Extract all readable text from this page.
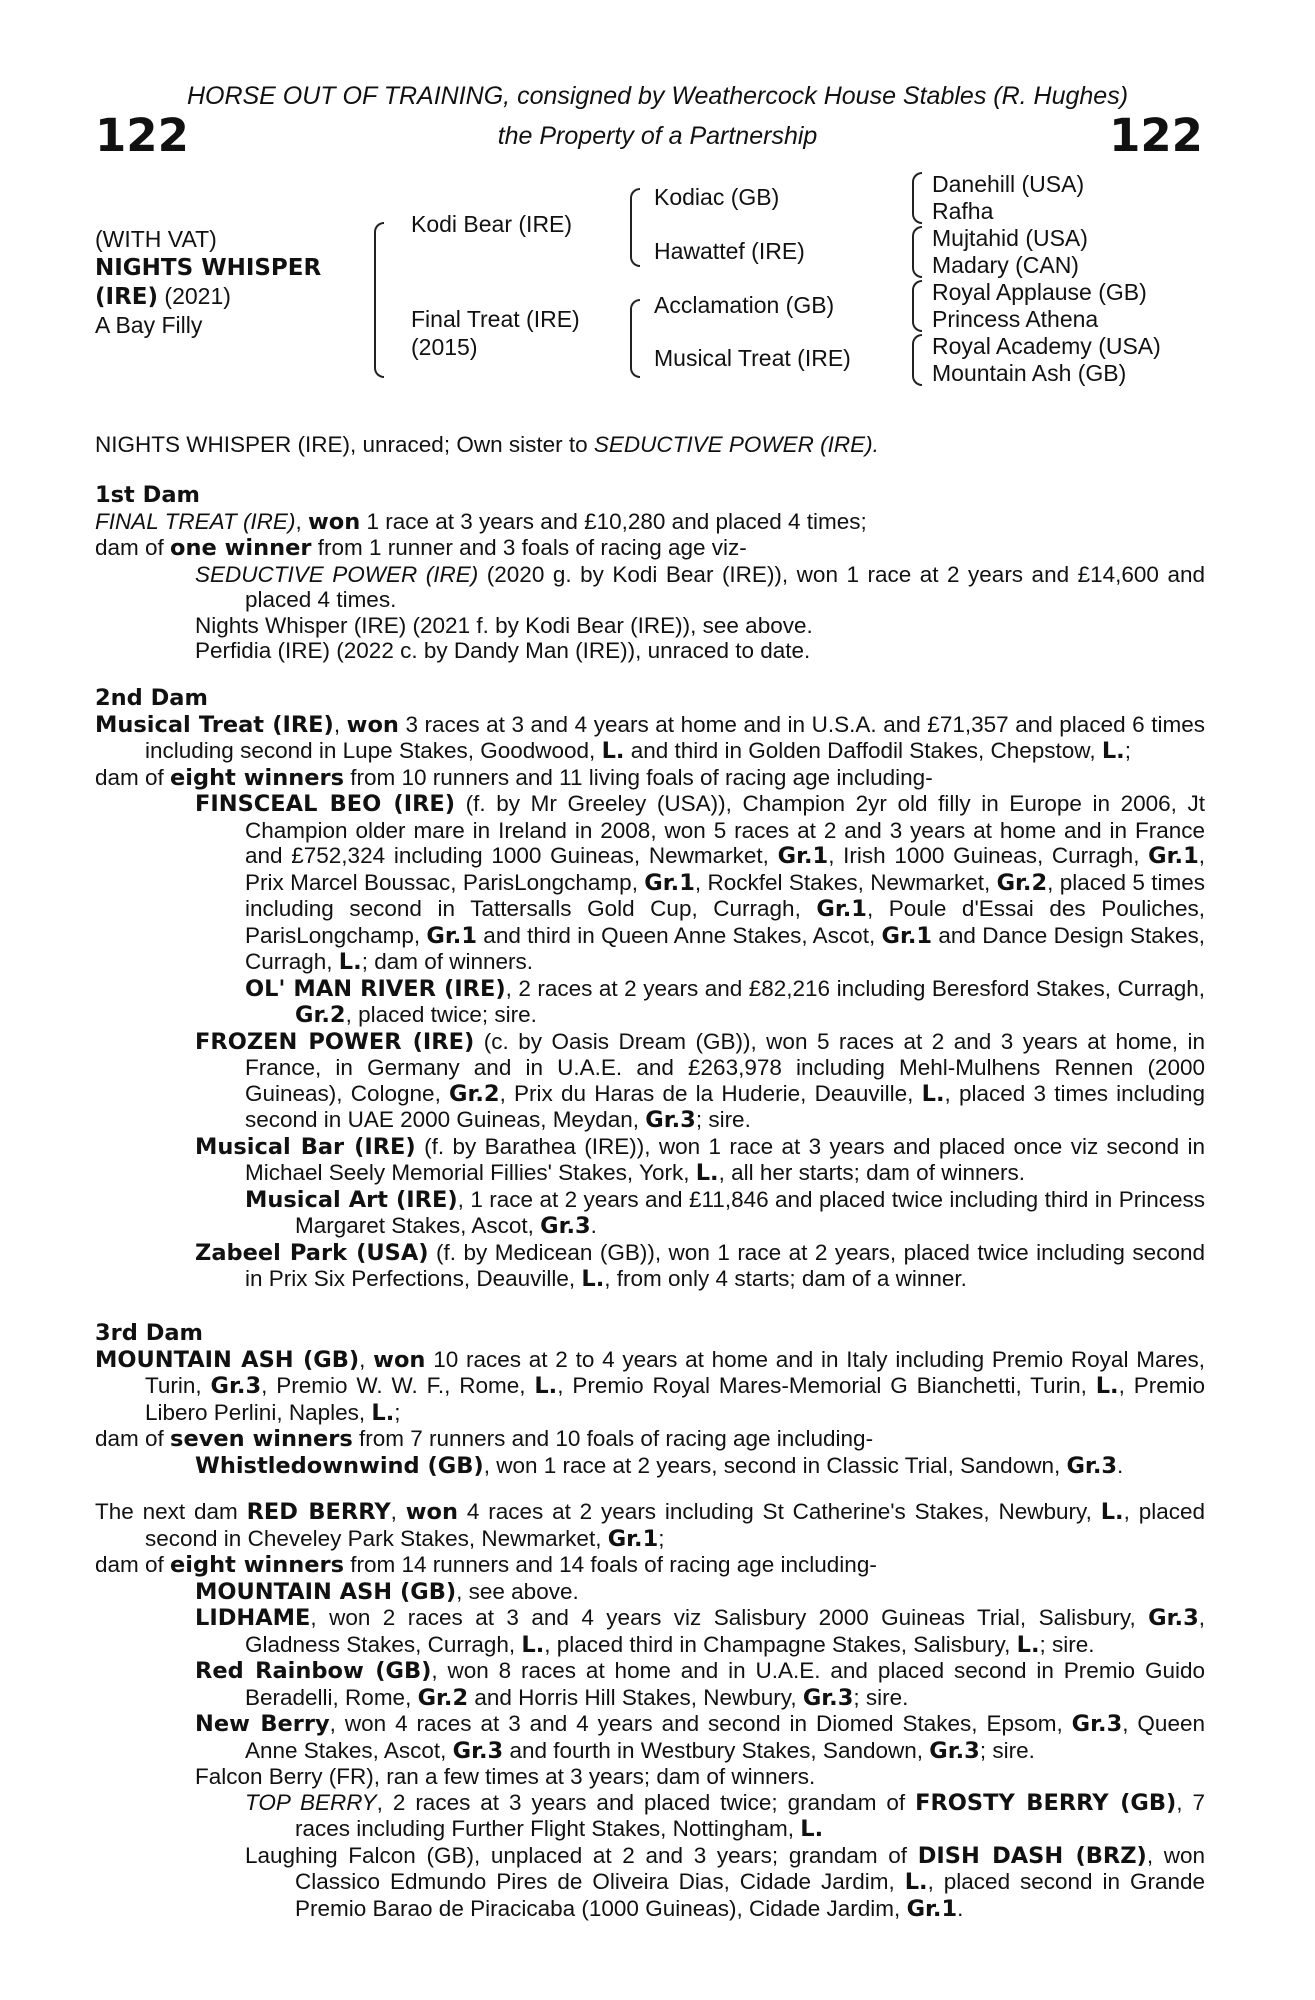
HORSE OUT OF TRAINING, consigned by Weathercock House Stables (R. Hughes)
the Property of a Partnership
122	122
(WITH VAT)
NIGHTS WHISPER
(IRE) (2021)
A Bay Filly
Kodi Bear (IRE)
Final Treat (IRE)
(2015)
Kodiac (GB)
Hawattef (IRE)
Acclamation (GB)
Musical Treat (IRE)
Danehill (USA)
Rafha
Mujtahid (USA)
Madary (CAN)
Royal Applause (GB)
Princess Athena
Royal Academy (USA)
Mountain Ash (GB)

NIGHTS WHISPER (IRE), unraced; Own sister to SEDUCTIVE POWER (IRE).

1st Dam

FINAL TREAT (IRE), won 1 race at 3 years and £10,280 and placed 4 times;

dam of one winner from 1 runner and 3 foals of racing age viz-

SEDUCTIVE POWER (IRE) (2020 g. by Kodi Bear (IRE)), won 1 race at 2 years and £14,600 and placed 4 times.

Nights Whisper (IRE) (2021 f. by Kodi Bear (IRE)), see above.

Perfidia (IRE) (2022 c. by Dandy Man (IRE)), unraced to date.

2nd Dam

Musical Treat (IRE), won 3 races at 3 and 4 years at home and in U.S.A. and £71,357 and placed 6 times including second in Lupe Stakes, Goodwood, L. and third in Golden Daffodil Stakes, Chepstow, L.;

dam of eight winners from 10 runners and 11 living foals of racing age including-

FINSCEAL BEO (IRE) (f. by Mr Greeley (USA)), Champion 2yr old filly in Europe in 2006, Jt Champion older mare in Ireland in 2008, won 5 races at 2 and 3 years at home and in France and £752,324 including 1000 Guineas, Newmarket, Gr.1, Irish 1000 Guineas, Curragh, Gr.1, Prix Marcel Boussac, ParisLongchamp, Gr.1, Rockfel Stakes, Newmarket, Gr.2, placed 5 times including second in Tattersalls Gold Cup, Curragh, Gr.1, Poule d'Essai des Pouliches, ParisLongchamp, Gr.1 and third in Queen Anne Stakes, Ascot, Gr.1 and Dance Design Stakes, Curragh, L.; dam of winners.

OL' MAN RIVER (IRE), 2 races at 2 years and £82,216 including Beresford Stakes, Curragh, Gr.2, placed twice; sire.

FROZEN POWER (IRE) (c. by Oasis Dream (GB)), won 5 races at 2 and 3 years at home, in France, in Germany and in U.A.E. and £263,978 including Mehl-Mulhens Rennen (2000 Guineas), Cologne, Gr.2, Prix du Haras de la Huderie, Deauville, L., placed 3 times including second in UAE 2000 Guineas, Meydan, Gr.3; sire.

Musical Bar (IRE) (f. by Barathea (IRE)), won 1 race at 3 years and placed once viz second in Michael Seely Memorial Fillies' Stakes, York, L., all her starts; dam of winners.

Musical Art (IRE), 1 race at 2 years and £11,846 and placed twice including third in Princess Margaret Stakes, Ascot, Gr.3.

Zabeel Park (USA) (f. by Medicean (GB)), won 1 race at 2 years, placed twice including second in Prix Six Perfections, Deauville, L., from only 4 starts; dam of a winner.

3rd Dam

MOUNTAIN ASH (GB), won 10 races at 2 to 4 years at home and in Italy including Premio Royal Mares, Turin, Gr.3, Premio W. W. F., Rome, L., Premio Royal Mares-Memorial G Bianchetti, Turin, L., Premio Libero Perlini, Naples, L.;

dam of seven winners from 7 runners and 10 foals of racing age including-

Whistledownwind (GB), won 1 race at 2 years, second in Classic Trial, Sandown, Gr.3.

The next dam RED BERRY, won 4 races at 2 years including St Catherine's Stakes, Newbury, L., placed second in Cheveley Park Stakes, Newmarket, Gr.1;

dam of eight winners from 14 runners and 14 foals of racing age including-

MOUNTAIN ASH (GB), see above.

LIDHAME, won 2 races at 3 and 4 years viz Salisbury 2000 Guineas Trial, Salisbury, Gr.3, Gladness Stakes, Curragh, L., placed third in Champagne Stakes, Salisbury, L.; sire.

Red Rainbow (GB), won 8 races at home and in U.A.E. and placed second in Premio Guido Beradelli, Rome, Gr.2 and Horris Hill Stakes, Newbury, Gr.3; sire.

New Berry, won 4 races at 3 and 4 years and second in Diomed Stakes, Epsom, Gr.3, Queen Anne Stakes, Ascot, Gr.3 and fourth in Westbury Stakes, Sandown, Gr.3; sire.

Falcon Berry (FR), ran a few times at 3 years; dam of winners.

TOP BERRY, 2 races at 3 years and placed twice; grandam of FROSTY BERRY (GB), 7 races including Further Flight Stakes, Nottingham, L.

Laughing Falcon (GB), unplaced at 2 and 3 years; grandam of DISH DASH (BRZ), won Classico Edmundo Pires de Oliveira Dias, Cidade Jardim, L., placed second in Grande Premio Barao de Piracicaba (1000 Guineas), Cidade Jardim, Gr.1.
